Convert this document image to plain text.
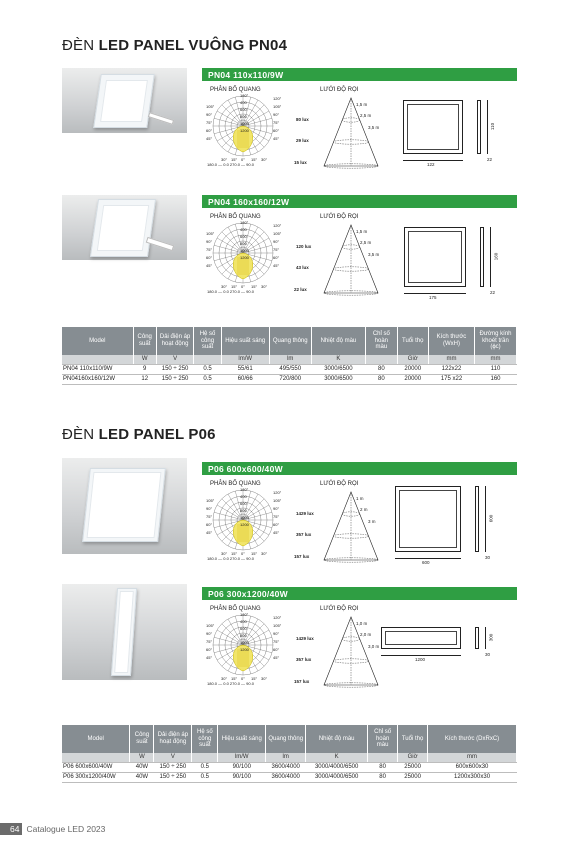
ĐÈN LED PANEL VUÔNG PN04
PN04 110x110/9W
PHÂN BỐ QUANG	LƯỚI ĐỘ RỌI
180°
105°
90°
75°
60°
45°
120°
105°
90°
75°
60°
45°
400
600
800
1000
1200
30° 15° 0° 15° 30°
180.0 — 0.0 270.0 — 90.0
80 lux
29 lux
15 lux
1,5 m
2,5 m
3,5 m
122
110
22
PN04 160x160/12W
PHÂN BỐ QUANG	LƯỚI ĐỘ RỌI
180°
105°
90°
75°
60°
45°
120°
105°
90°
75°
60°
45°
400
600
800
1000
1200
30° 15° 0° 15° 30°
180.0 — 0.0 270.0 — 90.0
120 lux
43 lux
22 lux
1,5 m
2,5 m
3,5 m
175
160
22
Model	Công suất	Dải điện áp hoạt động	Hệ số công suất	Hiệu suất sáng	Quang thông	Nhiệt độ màu	Chỉ số hoàn màu	Tuổi thọ	Kích thước (WxH)	Đường kính khoét trần (ϕc)
	W	V		lm/W	lm	K		Giờ	mm	mm
PN04 110x110/9W	9	150 ÷ 250	0.5	55/61	495/550	3000/6500	80	20000	122x22	110
PN04160x160/12W	12	150 ÷ 250	0.5	60/66	720/800	3000/6500	80	20000	175 x22	160
ĐÈN LED PANEL P06
P06 600x600/40W
PHÂN BỐ QUANG	LƯỚI ĐỘ RỌI
180°
105°
90°
75°
60°
45°
120°
105°
90°
75°
60°
45°
400
600
800
1000
1200
30° 15° 0° 15° 30°
180.0 — 0.0 270.0 — 90.0
1429 lux
357 lux
157 lux
1 m
2 m
3 m
600
600
30
P06 300x1200/40W
PHÂN BỐ QUANG	LƯỚI ĐỘ RỌI
180°
105°
90°
75°
60°
45°
120°
105°
90°
75°
60°
45°
400
600
800
1000
1200
30° 15° 0° 15° 30°
180.0 — 0.0 270.0 — 90.0
1429 lux
357 lux
157 lux
1,0 m
2,0 m
3,0 m
1200
300
30
Model	Công suất	Dải điện áp hoạt động	Hệ số công suất	Hiệu suất sáng	Quang thông	Nhiệt độ màu	Chỉ số hoàn màu	Tuổi thọ	Kích thước (DxRxC)
	W	V		lm/W	lm	K		Giờ	mm
P06 600x600/40W	40W	150 ÷ 250	0.5	90/100	3600/4000	3000/4000/6500	80	25000	600x600x30
P06 300x1200/40W	40W	150 ÷ 250	0.5	90/100	3600/4000	3000/4000/6500	80	25000	1200x300x30
64 Catalogue LED 2023
